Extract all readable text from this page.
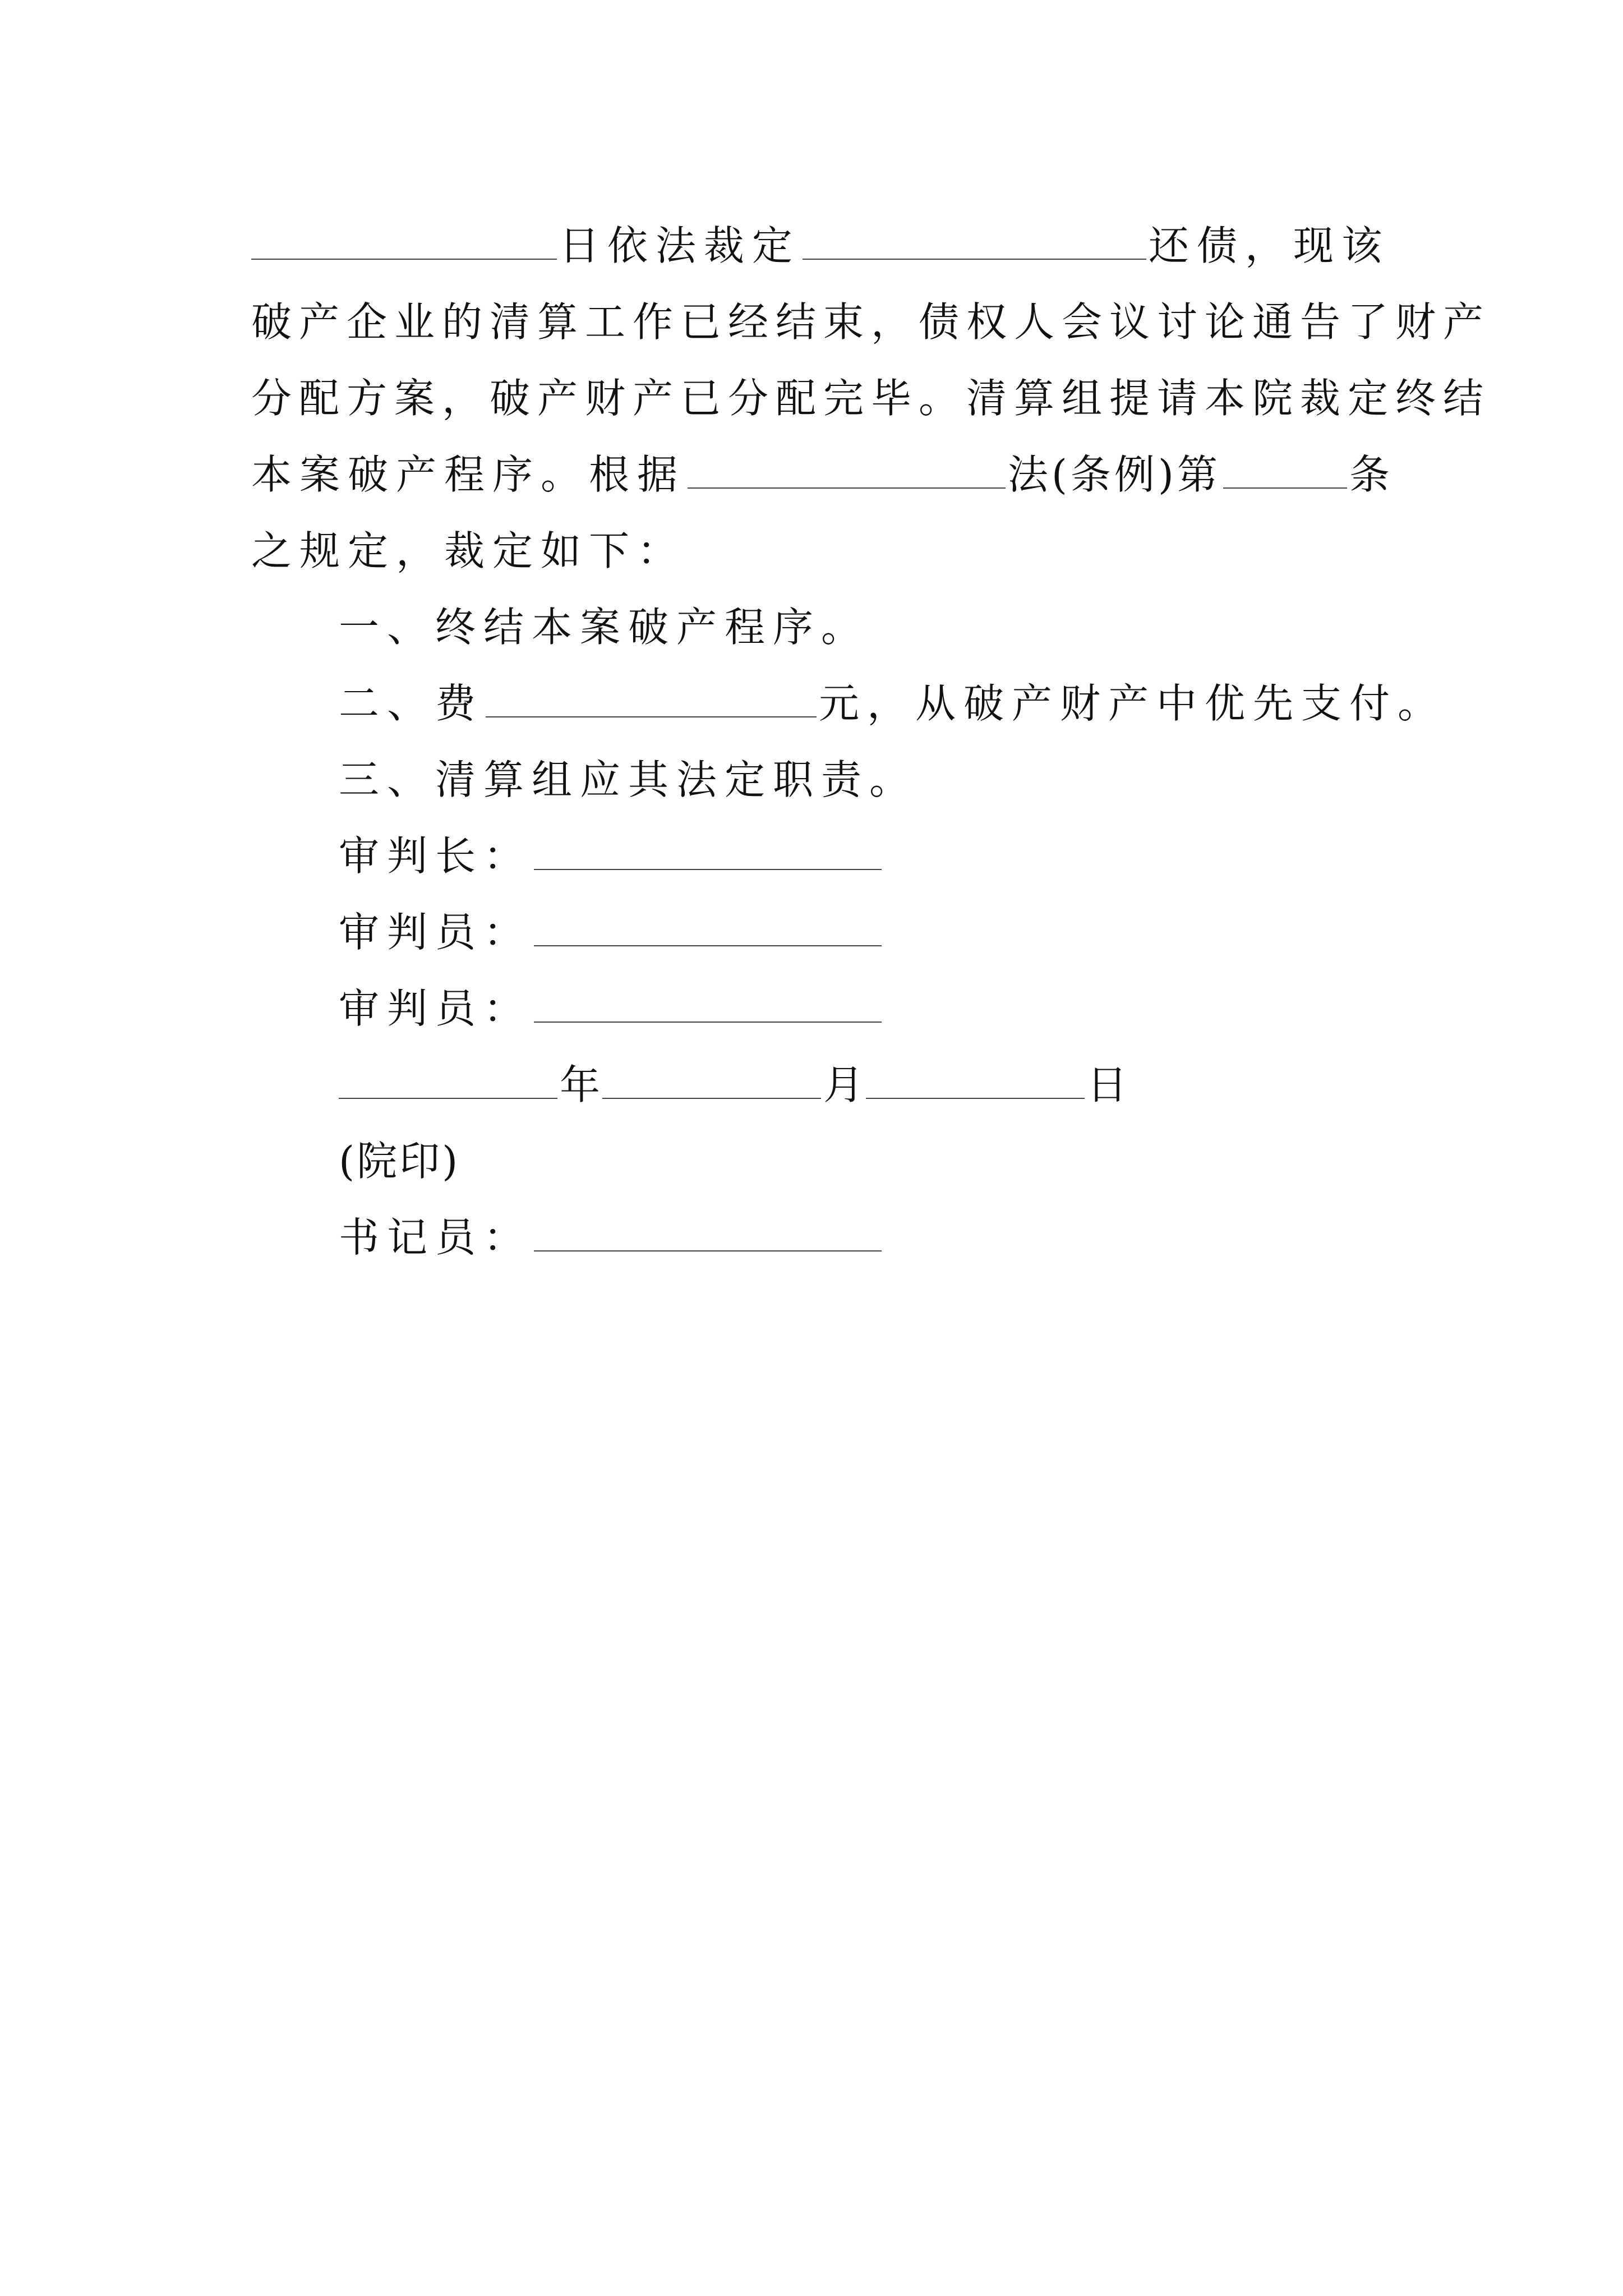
日依法裁定	还债，现该
破产企业的清算工作已经结束，债权人会议讨论通告了财产
分配方案，破产财产已分配完毕。清算组提请本院裁定终结
本案破产程序。根据	法(条例)第	条
之规定，裁定如下：
一、终结本案破产程序。
二、费	元，从破产财产中优先支付。
三、清算组应其法定职责。
审判长：
审判员：
审判员：
年	月	日
(院印)
书记员：
